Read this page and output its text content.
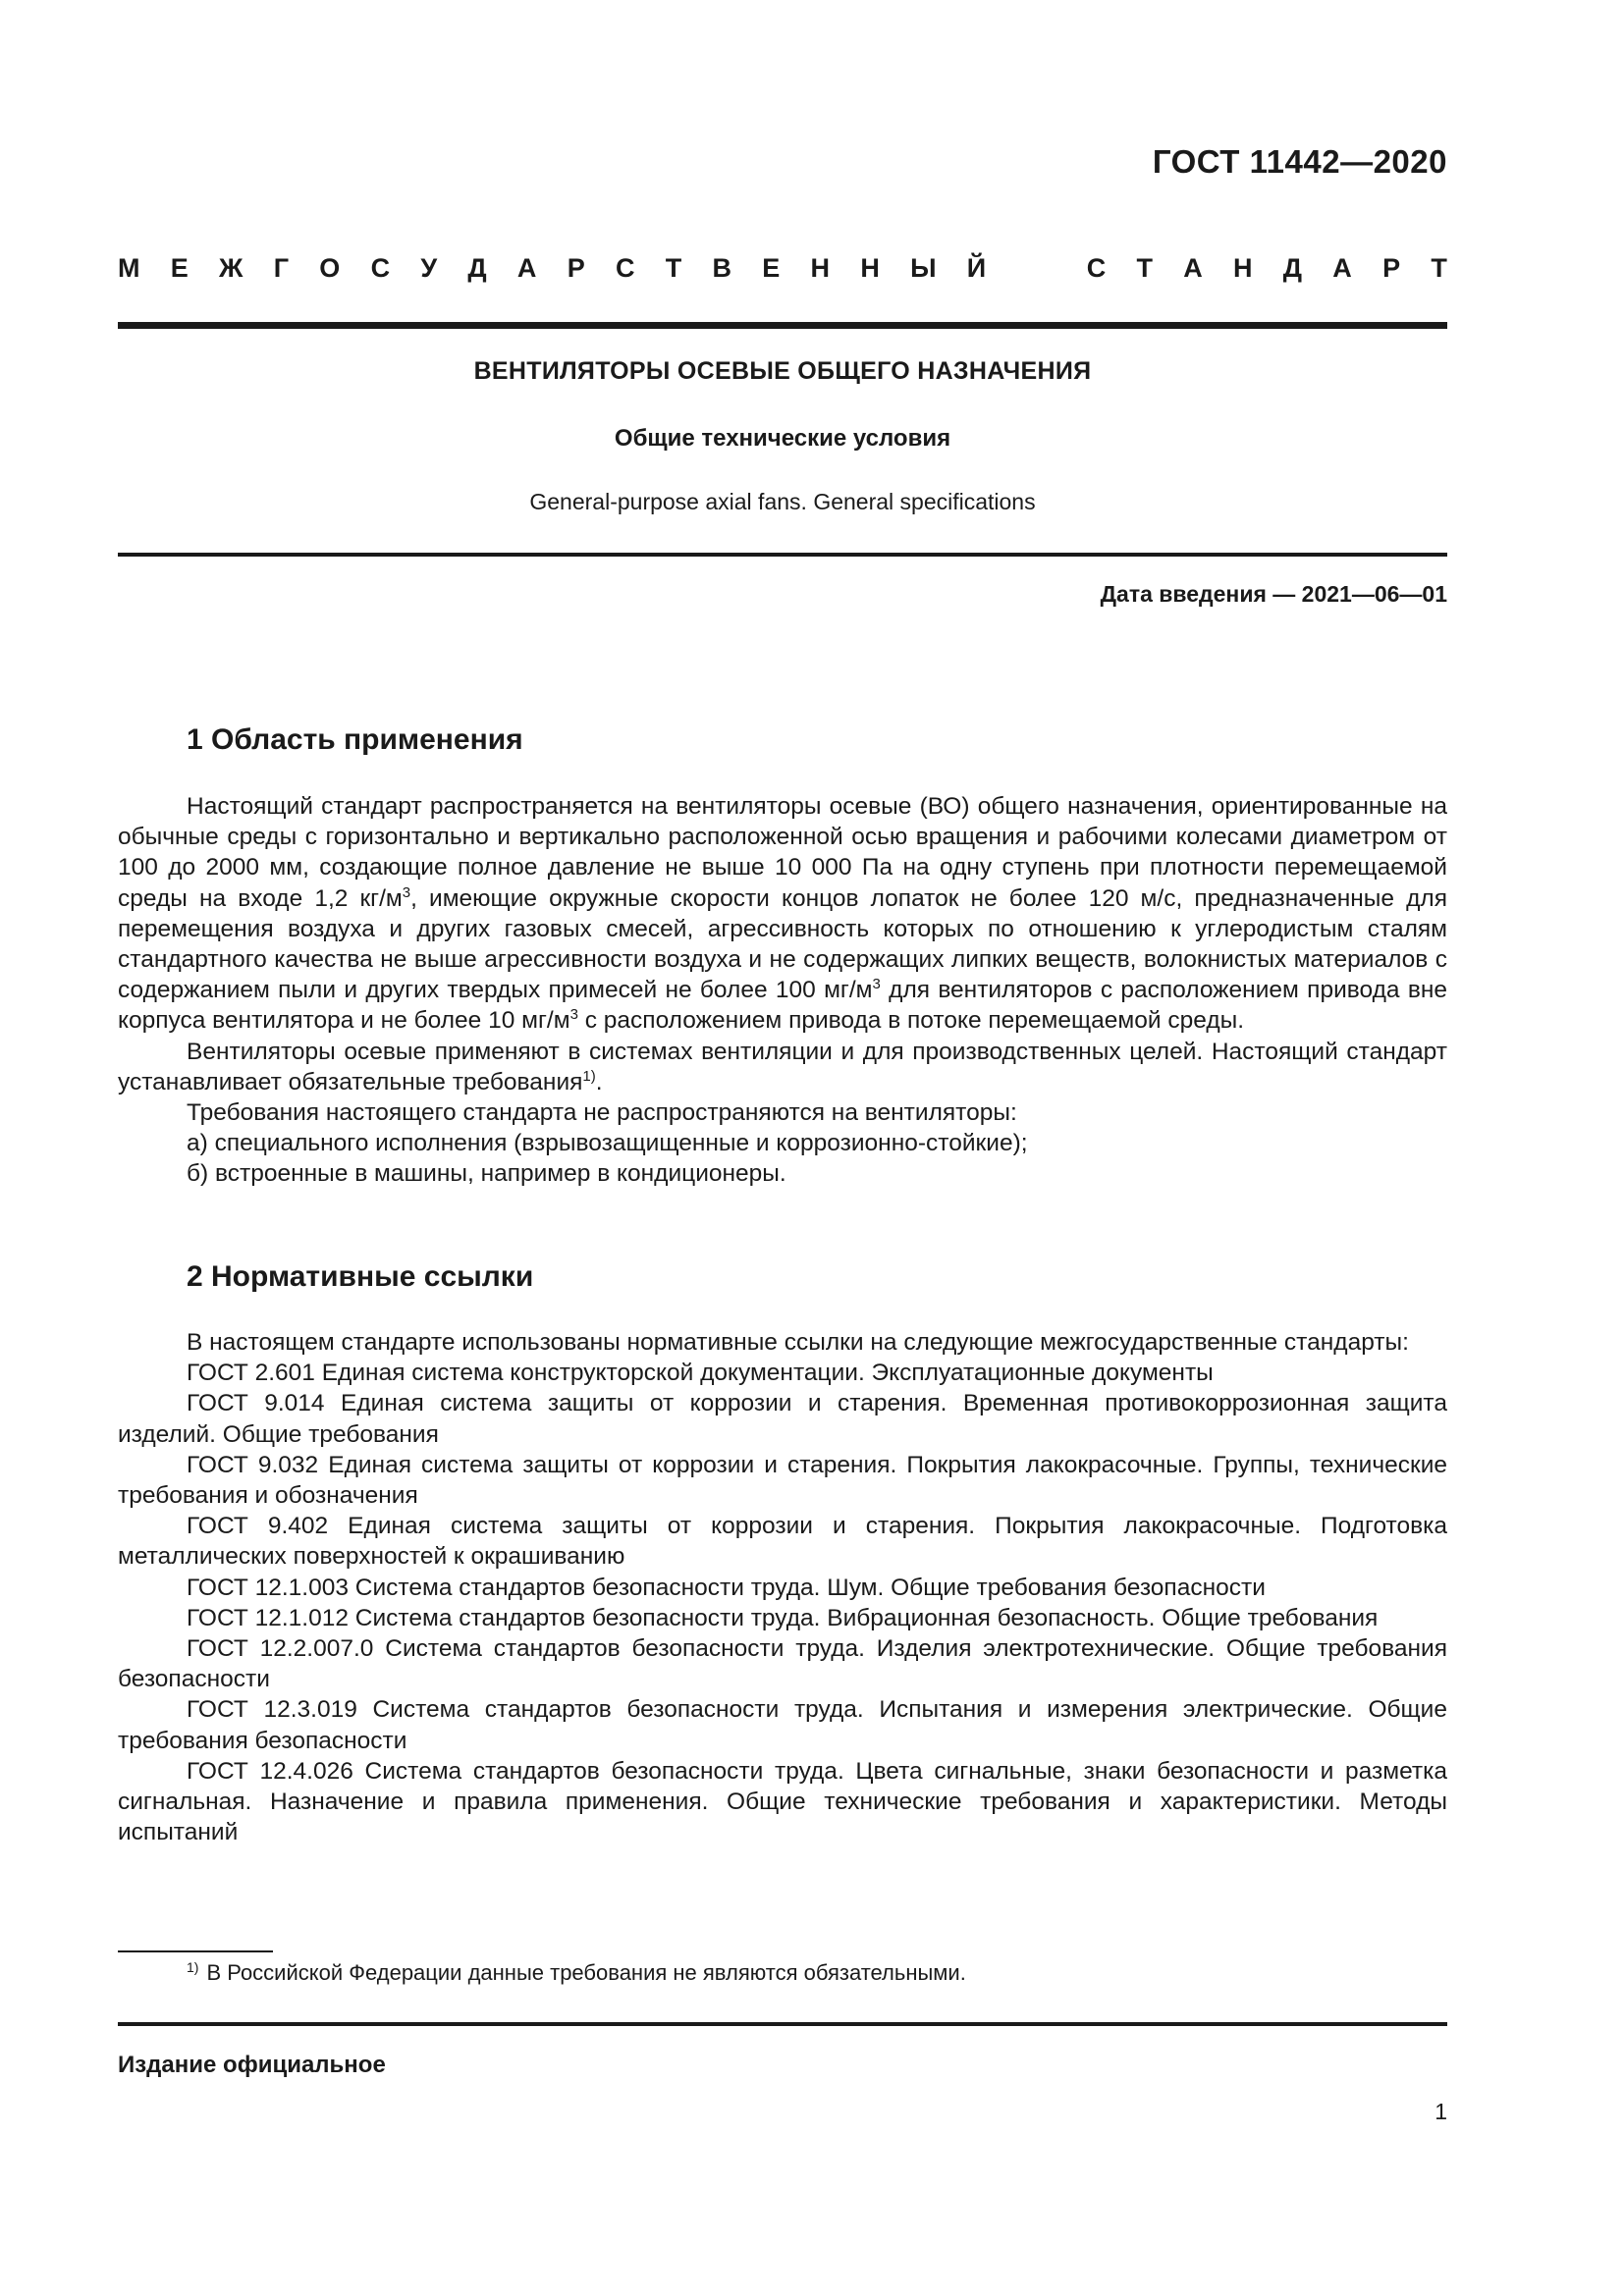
ГОСТ 11442—2020
М Е Ж Г О С У Д А Р С Т В Е Н Н Ы Й	С Т А Н Д А Р Т
ВЕНТИЛЯТОРЫ ОСЕВЫЕ ОБЩЕГО НАЗНАЧЕНИЯ
Общие технические условия
General-purpose axial fans. General specifications
Дата введения — 2021—06—01
1 Область применения

Настоящий стандарт распространяется на вентиляторы осевые (ВО) общего назначения, ориентированные на обычные среды с горизонтально и вертикально расположенной осью вращения и рабочими колесами диаметром от 100 до 2000 мм, создающие полное давление не выше 10 000 Па на одну ступень при плотности перемещаемой среды на входе 1,2 $кг/м^3$, имеющие окружные скорости концов лопаток не более 120 м/с, предназначенные для перемещения воздуха и других газовых смесей, агрессивность которых по отношению к углеродистым сталям стандартного качества не выше агрессивности воздуха и не содержащих липких веществ, волокнистых материалов с содержанием пыли и других твердых примесей не более 100 $мг/м^3$ для вентиляторов с расположением привода вне корпуса вентилятора и не более 10 $мг/м^3$ с расположением привода в потоке перемещаемой среды.

Вентиляторы осевые применяют в системах вентиляции и для производственных целей. Настоящий стандарт устанавливает обязательные требования$^{1)}$.

Требования настоящего стандарта не распространяются на вентиляторы:

а) специального исполнения (взрывозащищенные и коррозионно-стойкие);

б) встроенные в машины, например в кондиционеры.

2 Нормативные ссылки

В настоящем стандарте использованы нормативные ссылки на следующие межгосударственные стандарты:

ГОСТ 2.601 Единая система конструкторской документации. Эксплуатационные документы

ГОСТ 9.014 Единая система защиты от коррозии и старения. Временная противокоррозионная защита изделий. Общие требования

ГОСТ 9.032 Единая система защиты от коррозии и старения. Покрытия лакокрасочные. Группы, технические требования и обозначения

ГОСТ 9.402 Единая система защиты от коррозии и старения. Покрытия лакокрасочные. Подготовка металлических поверхностей к окрашиванию

ГОСТ 12.1.003 Система стандартов безопасности труда. Шум. Общие требования безопасности

ГОСТ 12.1.012 Система стандартов безопасности труда. Вибрационная безопасность. Общие требования

ГОСТ 12.2.007.0 Система стандартов безопасности труда. Изделия электротехнические. Общие требования безопасности

ГОСТ 12.3.019 Система стандартов безопасности труда. Испытания и измерения электрические. Общие требования безопасности

ГОСТ 12.4.026 Система стандартов безопасности труда. Цвета сигнальные, знаки безопасности и разметка сигнальная. Назначение и правила применения. Общие технические требования и характеристики. Методы испытаний

$^{1)}$ В Российской Федерации данные требования не являются обязательными.
Издание официальное
1
